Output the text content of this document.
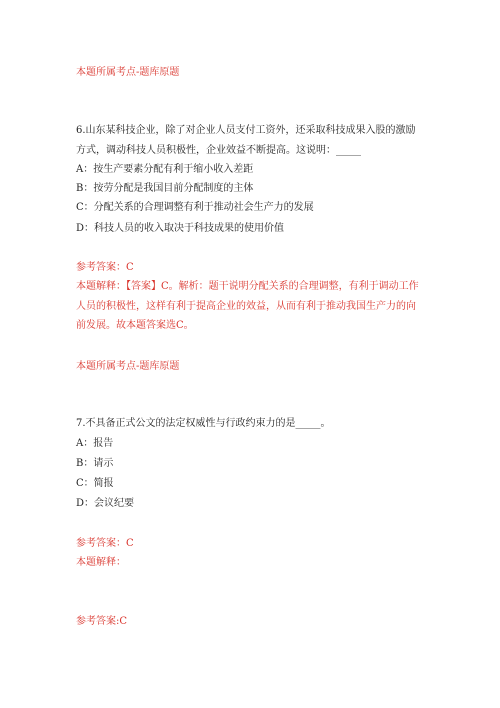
本题所属考点-题库原题
6.山东某科技企业，除了对企业人员支付工资外，还采取科技成果入股的激励
方式，调动科技人员积极性，企业效益不断提高。这说明：_____
A：按生产要素分配有利于缩小收入差距
B：按劳分配是我国目前分配制度的主体
C：分配关系的合理调整有利于推动社会生产力的发展
D：科技人员的收入取决于科技成果的使用价值
参考答案：C
本题解释：【答案】C。解析：题干说明分配关系的合理调整，有利于调动工作
人员的积极性，这样有利于提高企业的效益，从而有利于推动我国生产力的向
前发展。故本题答案选C。
本题所属考点-题库原题
7.不具备正式公文的法定权威性与行政约束力的是_____。
A：报告
B：请示
C：简报
D：会议纪要
参考答案：C
本题解释：
参考答案:C
